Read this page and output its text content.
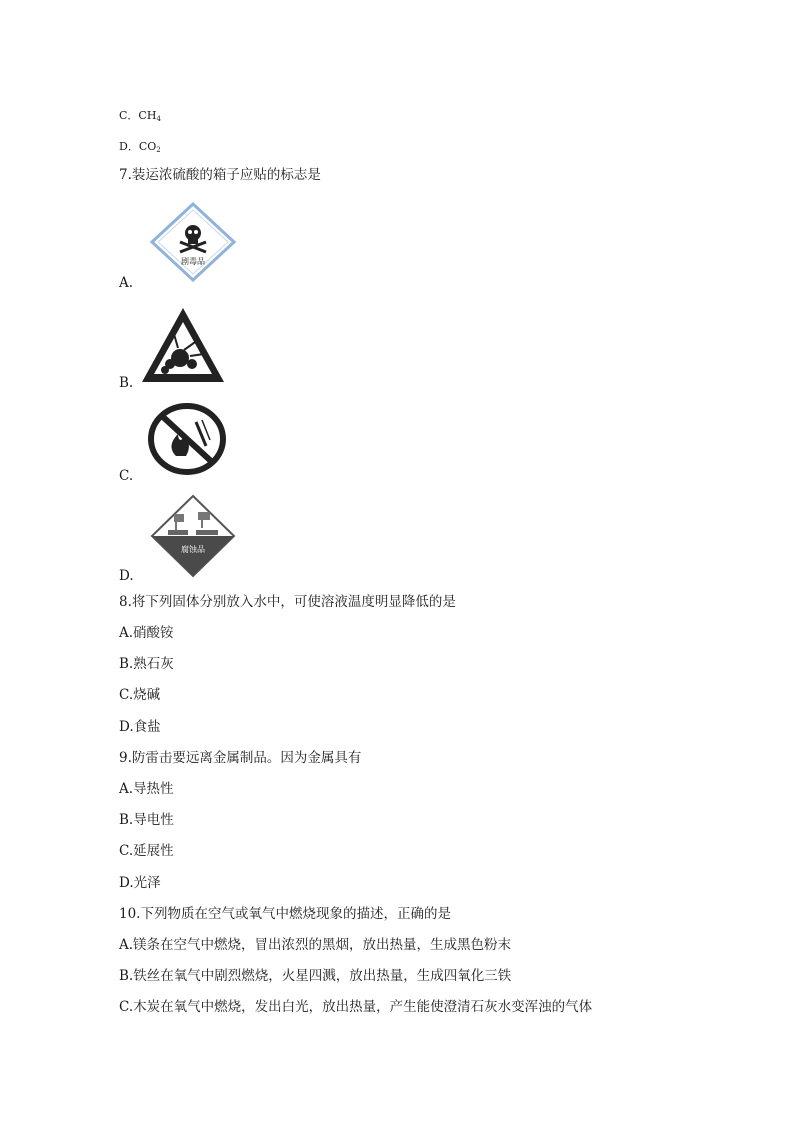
C．$CH_4$
D．$CO_2$
7.装运浓硫酸的箱子应贴的标志是
剧毒品
A.
B.
C.
腐蚀品
D.
8.将下列固体分别放入水中，可使溶液温度明显降低的是
A.硝酸铵
B.熟石灰
C.烧碱
D.食盐
9.防雷击要远离金属制品。因为金属具有
A.导热性
B.导电性
C.延展性
D.光泽
10.下列物质在空气或氧气中燃烧现象的描述，正确的是
A.镁条在空气中燃烧，冒出浓烈的黑烟，放出热量，生成黑色粉末
B.铁丝在氧气中剧烈燃烧，火星四溅，放出热量，生成四氧化三铁
C.木炭在氧气中燃烧，发出白光，放出热量，产生能使澄清石灰水变浑浊的气体
